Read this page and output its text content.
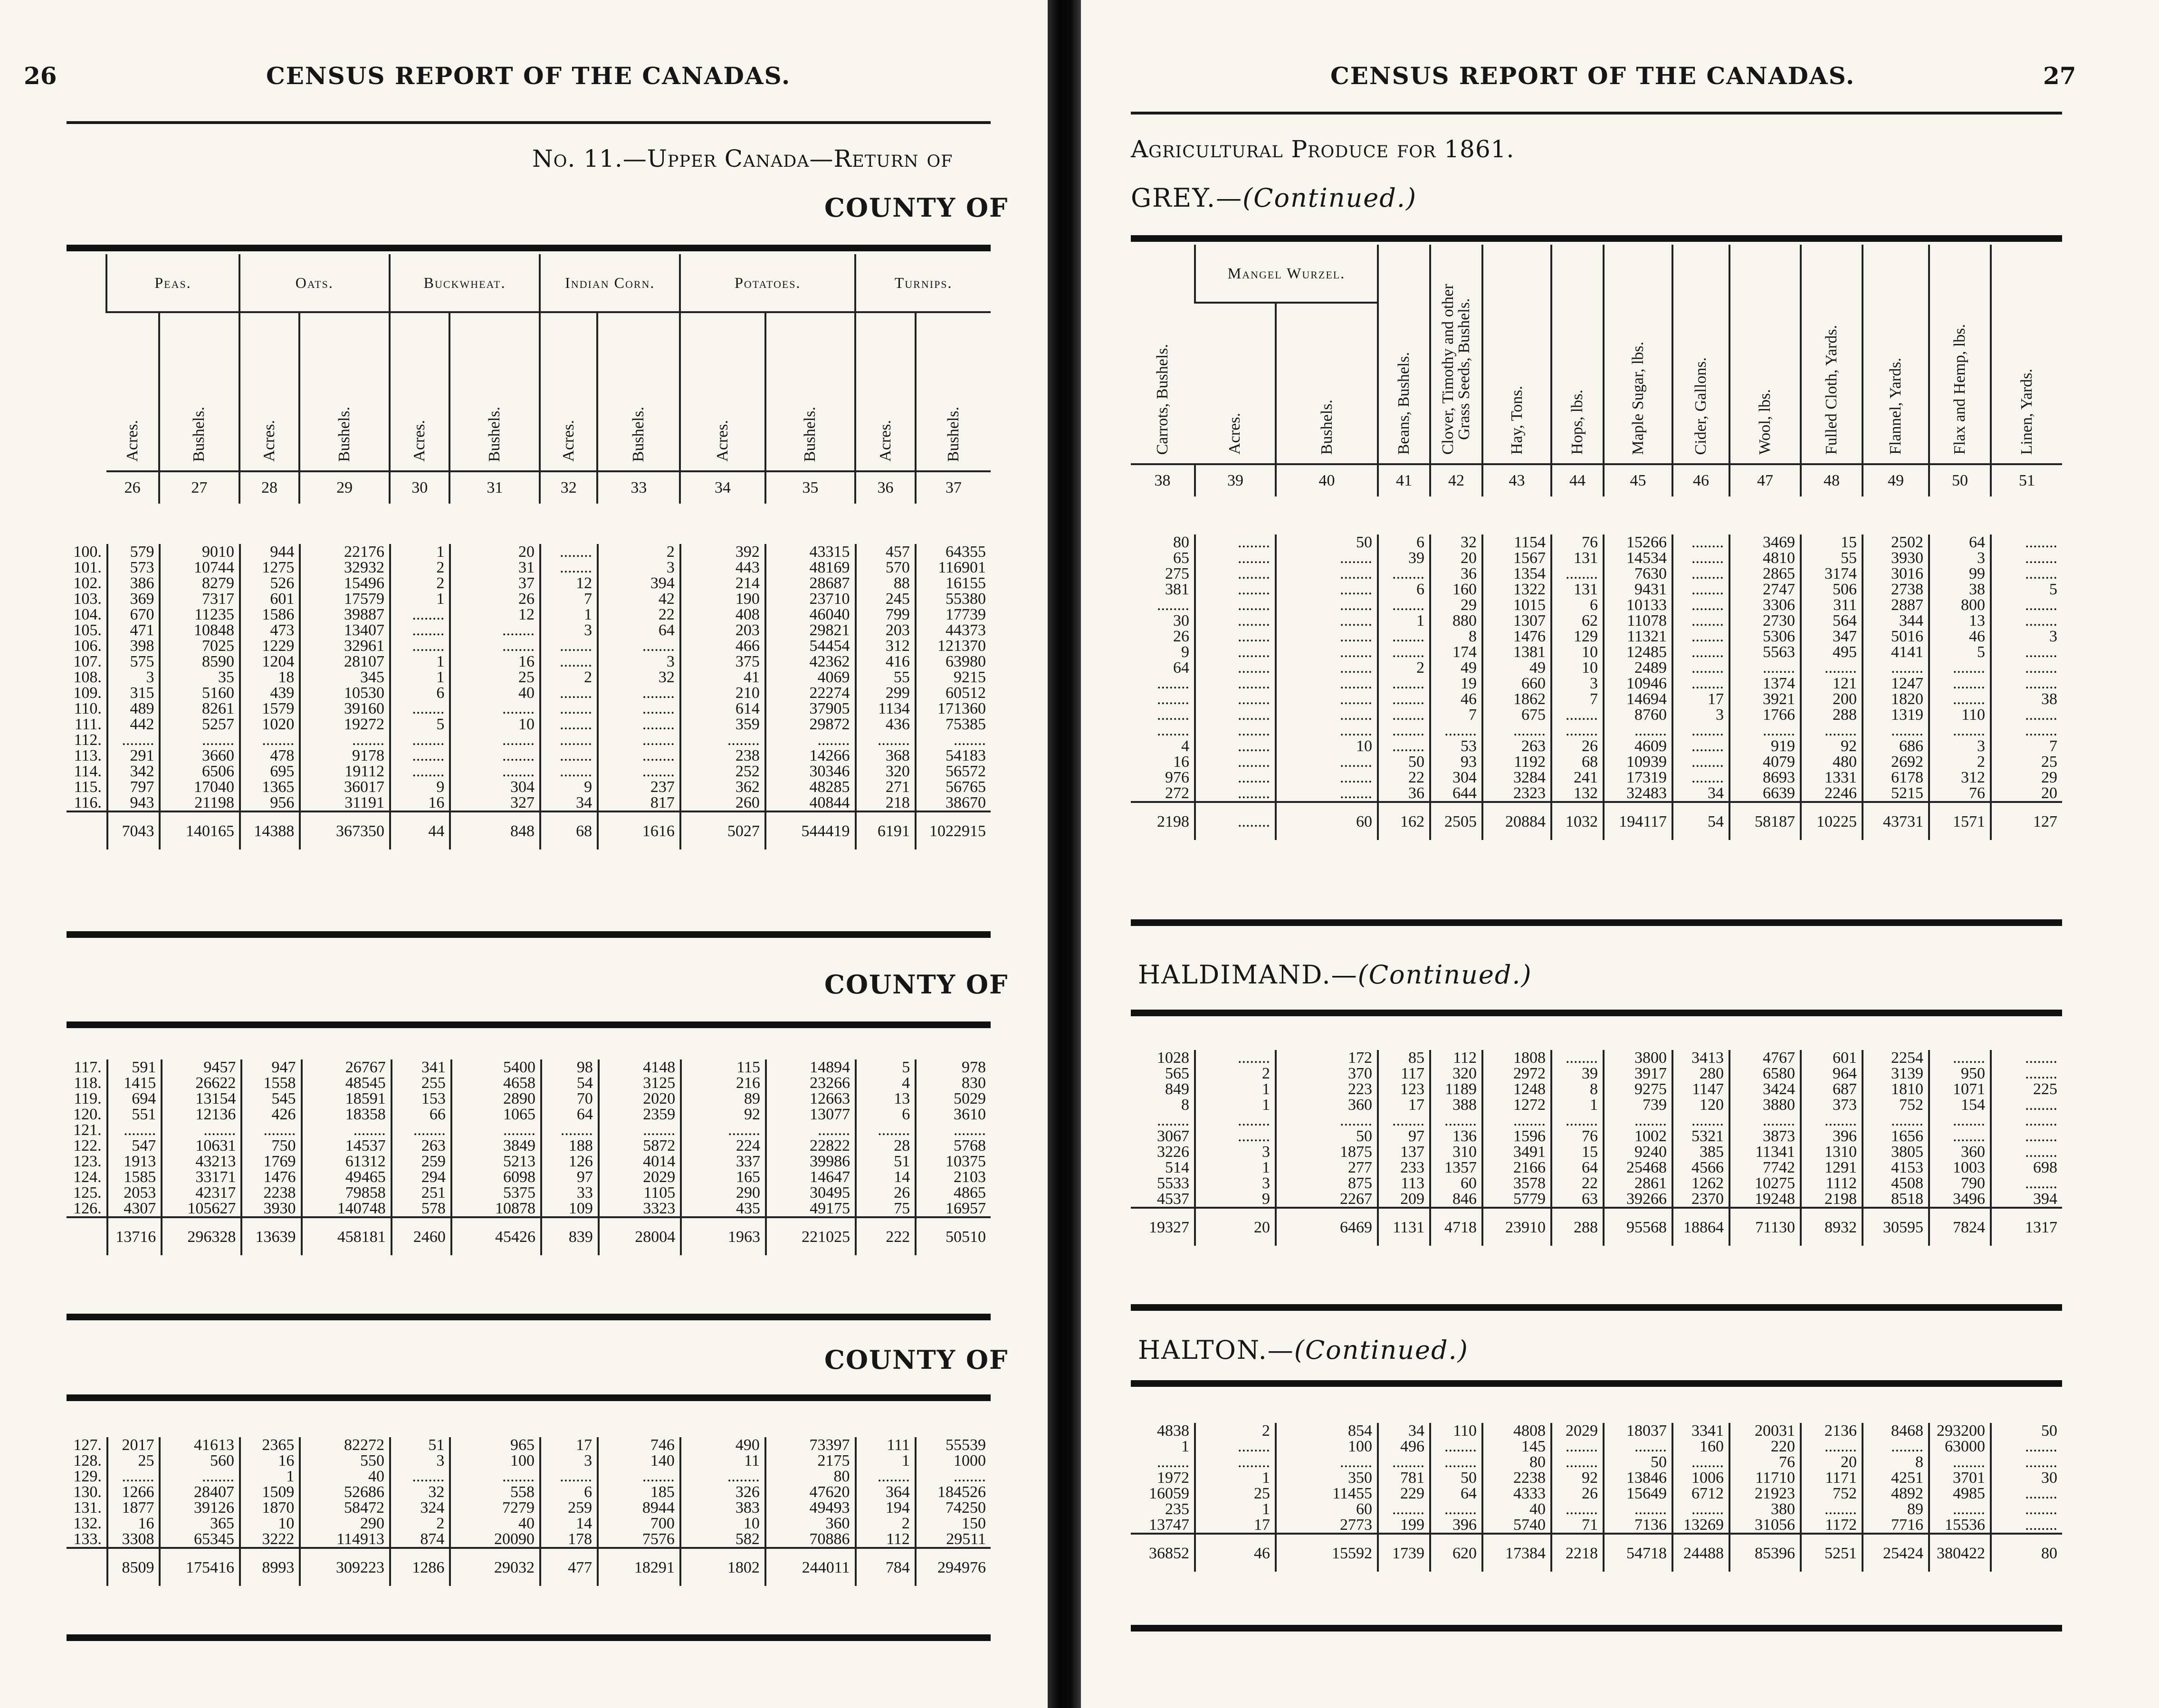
26	CENSUS REPORT OF THE CANADAS.
No. 11.—Upper Canada—Return of
COUNTY OF
	Peas.		Oats.		Buckwheat.		Indian Corn.		Potatoes.		Turnips.	
	Acres.	Bushels.	Acres.	Bushels.	Acres.	Bushels.	Acres.	Bushels.	Acres.	Bushels.	Acres.	Bushels.
	26	27	28	29	30	31	32	33	34	35	36	37
100.	579	9010	944	22176	1	20	........	2	392	43315	457	64355
101.	573	10744	1275	32932	2	31	........	3	443	48169	570	116901
102.	386	8279	526	15496	2	37	12	394	214	28687	88	16155
103.	369	7317	601	17579	1	26	7	42	190	23710	245	55380
104.	670	11235	1586	39887	........	12	1	22	408	46040	799	17739
105.	471	10848	473	13407	........	........	3	64	203	29821	203	44373
106.	398	7025	1229	32961	........	........	........	........	466	54454	312	121370
107.	575	8590	1204	28107	1	16	........	3	375	42362	416	63980
108.	3	35	18	345	1	25	2	32	41	4069	55	9215
109.	315	5160	439	10530	6	40	........	........	210	22274	299	60512
110.	489	8261	1579	39160	........	........	........	........	614	37905	1134	171360
111.	442	5257	1020	19272	5	10	........	........	359	29872	436	75385
112.	........	........	........	........	........	........	........	........	........	........	........	........
113.	291	3660	478	9178	........	........	........	........	238	14266	368	54183
114.	342	6506	695	19112	........	........	........	........	252	30346	320	56572
115.	797	17040	1365	36017	9	304	9	237	362	48285	271	56765
116.	943	21198	956	31191	16	327	34	817	260	40844	218	38670
	7043	140165	14388	367350	44	848	68	1616	5027	544419	6191	1022915
COUNTY OF
117.	591	9457	947	26767	341	5400	98	4148	115	14894	5	978
118.	1415	26622	1558	48545	255	4658	54	3125	216	23266	4	830
119.	694	13154	545	18591	153	2890	70	2020	89	12663	13	5029
120.	551	12136	426	18358	66	1065	64	2359	92	13077	6	3610
121.	........	........	........	........	........	........	........	........	........	........	........	........
122.	547	10631	750	14537	263	3849	188	5872	224	22822	28	5768
123.	1913	43213	1769	61312	259	5213	126	4014	337	39986	51	10375
124.	1585	33171	1476	49465	294	6098	97	2029	165	14647	14	2103
125.	2053	42317	2238	79858	251	5375	33	1105	290	30495	26	4865
126.	4307	105627	3930	140748	578	10878	109	3323	435	49175	75	16957
	13716	296328	13639	458181	2460	45426	839	28004	1963	221025	222	50510
COUNTY OF
127.	2017	41613	2365	82272	51	965	17	746	490	73397	111	55539
128.	25	560	16	550	3	100	3	140	11	2175	1	1000
129.	........	........	1	40	........	........	........	........	........	80	........	........
130.	1266	28407	1509	52686	32	558	6	185	326	47620	364	184526
131.	1877	39126	1870	58472	324	7279	259	8944	383	49493	194	74250
132.	16	365	10	290	2	40	14	700	10	360	2	150
133.	3308	65345	3222	114913	874	20090	178	7576	582	70886	112	29511
	8509	175416	8993	309223	1286	29032	477	18291	1802	244011	784	294976
CENSUS REPORT OF THE CANADAS.	27
Agricultural Produce for 1861.
GREY.—(Continued.)
Carrots, Bushels.	Mangel Wurzel.		Beans, Bushels.	Clover, Timothy and other Grass Seeds, Bushels.	Hay, Tons.	Hops, lbs.	Maple Sugar, lbs.	Cider, Gallons.	Wool, lbs.	Fulled Cloth, Yards.	Flannel, Yards.	Flax and Hemp, lbs.	Linen, Yards.
	Acres.	Bushels.											
38	39	40	41	42	43	44	45	46	47	48	49	50	51
80	........	50	6	32	1154	76	15266	........	3469	15	2502	64	........
65	........	........	39	20	1567	131	14534	........	4810	55	3930	3	........
275	........	........	........	36	1354	........	7630	........	2865	3174	3016	99	........
381	........	........	6	160	1322	131	9431	........	2747	506	2738	38	5
........	........	........	........	29	1015	6	10133	........	3306	311	2887	800	........
30	........	........	1	880	1307	62	11078	........	2730	564	344	13	........
26	........	........	........	8	1476	129	11321	........	5306	347	5016	46	3
9	........	........	........	174	1381	10	12485	........	5563	495	4141	5	........
64	........	........	2	49	49	10	2489	........	........	........	........	........	........
........	........	........	........	19	660	3	10946	........	1374	121	1247	........	........
........	........	........	........	46	1862	7	14694	17	3921	200	1820	........	38
........	........	........	........	7	675	........	8760	3	1766	288	1319	110	........
........	........	........	........	........	........	........	........	........	........	........	........	........	........
4	........	10	........	53	263	26	4609	........	919	92	686	3	7
16	........	........	50	93	1192	68	10939	........	4079	480	2692	2	25
976	........	........	22	304	3284	241	17319	........	8693	1331	6178	312	29
272	........	........	36	644	2323	132	32483	34	6639	2246	5215	76	20
2198	........	60	162	2505	20884	1032	194117	54	58187	10225	43731	1571	127
HALDIMAND.—(Continued.)
1028	........	172	85	112	1808	........	3800	3413	4767	601	2254	........	........
565	2	370	117	320	2972	39	3917	280	6580	964	3139	950	........
849	1	223	123	1189	1248	8	9275	1147	3424	687	1810	1071	225
8	1	360	17	388	1272	1	739	120	3880	373	752	154	........
........	........	........	........	........	........	........	........	........	........	........	........	........	........
3067	........	50	97	136	1596	76	1002	5321	3873	396	1656	........	........
3226	3	1875	137	310	3491	15	9240	385	11341	1310	3805	360	........
514	1	277	233	1357	2166	64	25468	4566	7742	1291	4153	1003	698
5533	3	875	113	60	3578	22	2861	1262	10275	1112	4508	790	........
4537	9	2267	209	846	5779	63	39266	2370	19248	2198	8518	3496	394
19327	20	6469	1131	4718	23910	288	95568	18864	71130	8932	30595	7824	1317
HALTON.—(Continued.)
4838	2	854	34	110	4808	2029	18037	3341	20031	2136	8468	293200	50
1	........	100	496	........	145	........	........	160	220	........	........	63000	........
........	........	........	........	........	80	........	50	........	76	20	8	........	........
1972	1	350	781	50	2238	92	13846	1006	11710	1171	4251	3701	30
16059	25	11455	229	64	4333	26	15649	6712	21923	752	4892	4985	........
235	1	60	........	........	40	........	........	........	380	........	89	........	........
13747	17	2773	199	396	5740	71	7136	13269	31056	1172	7716	15536	........
36852	46	15592	1739	620	17384	2218	54718	24488	85396	5251	25424	380422	80
